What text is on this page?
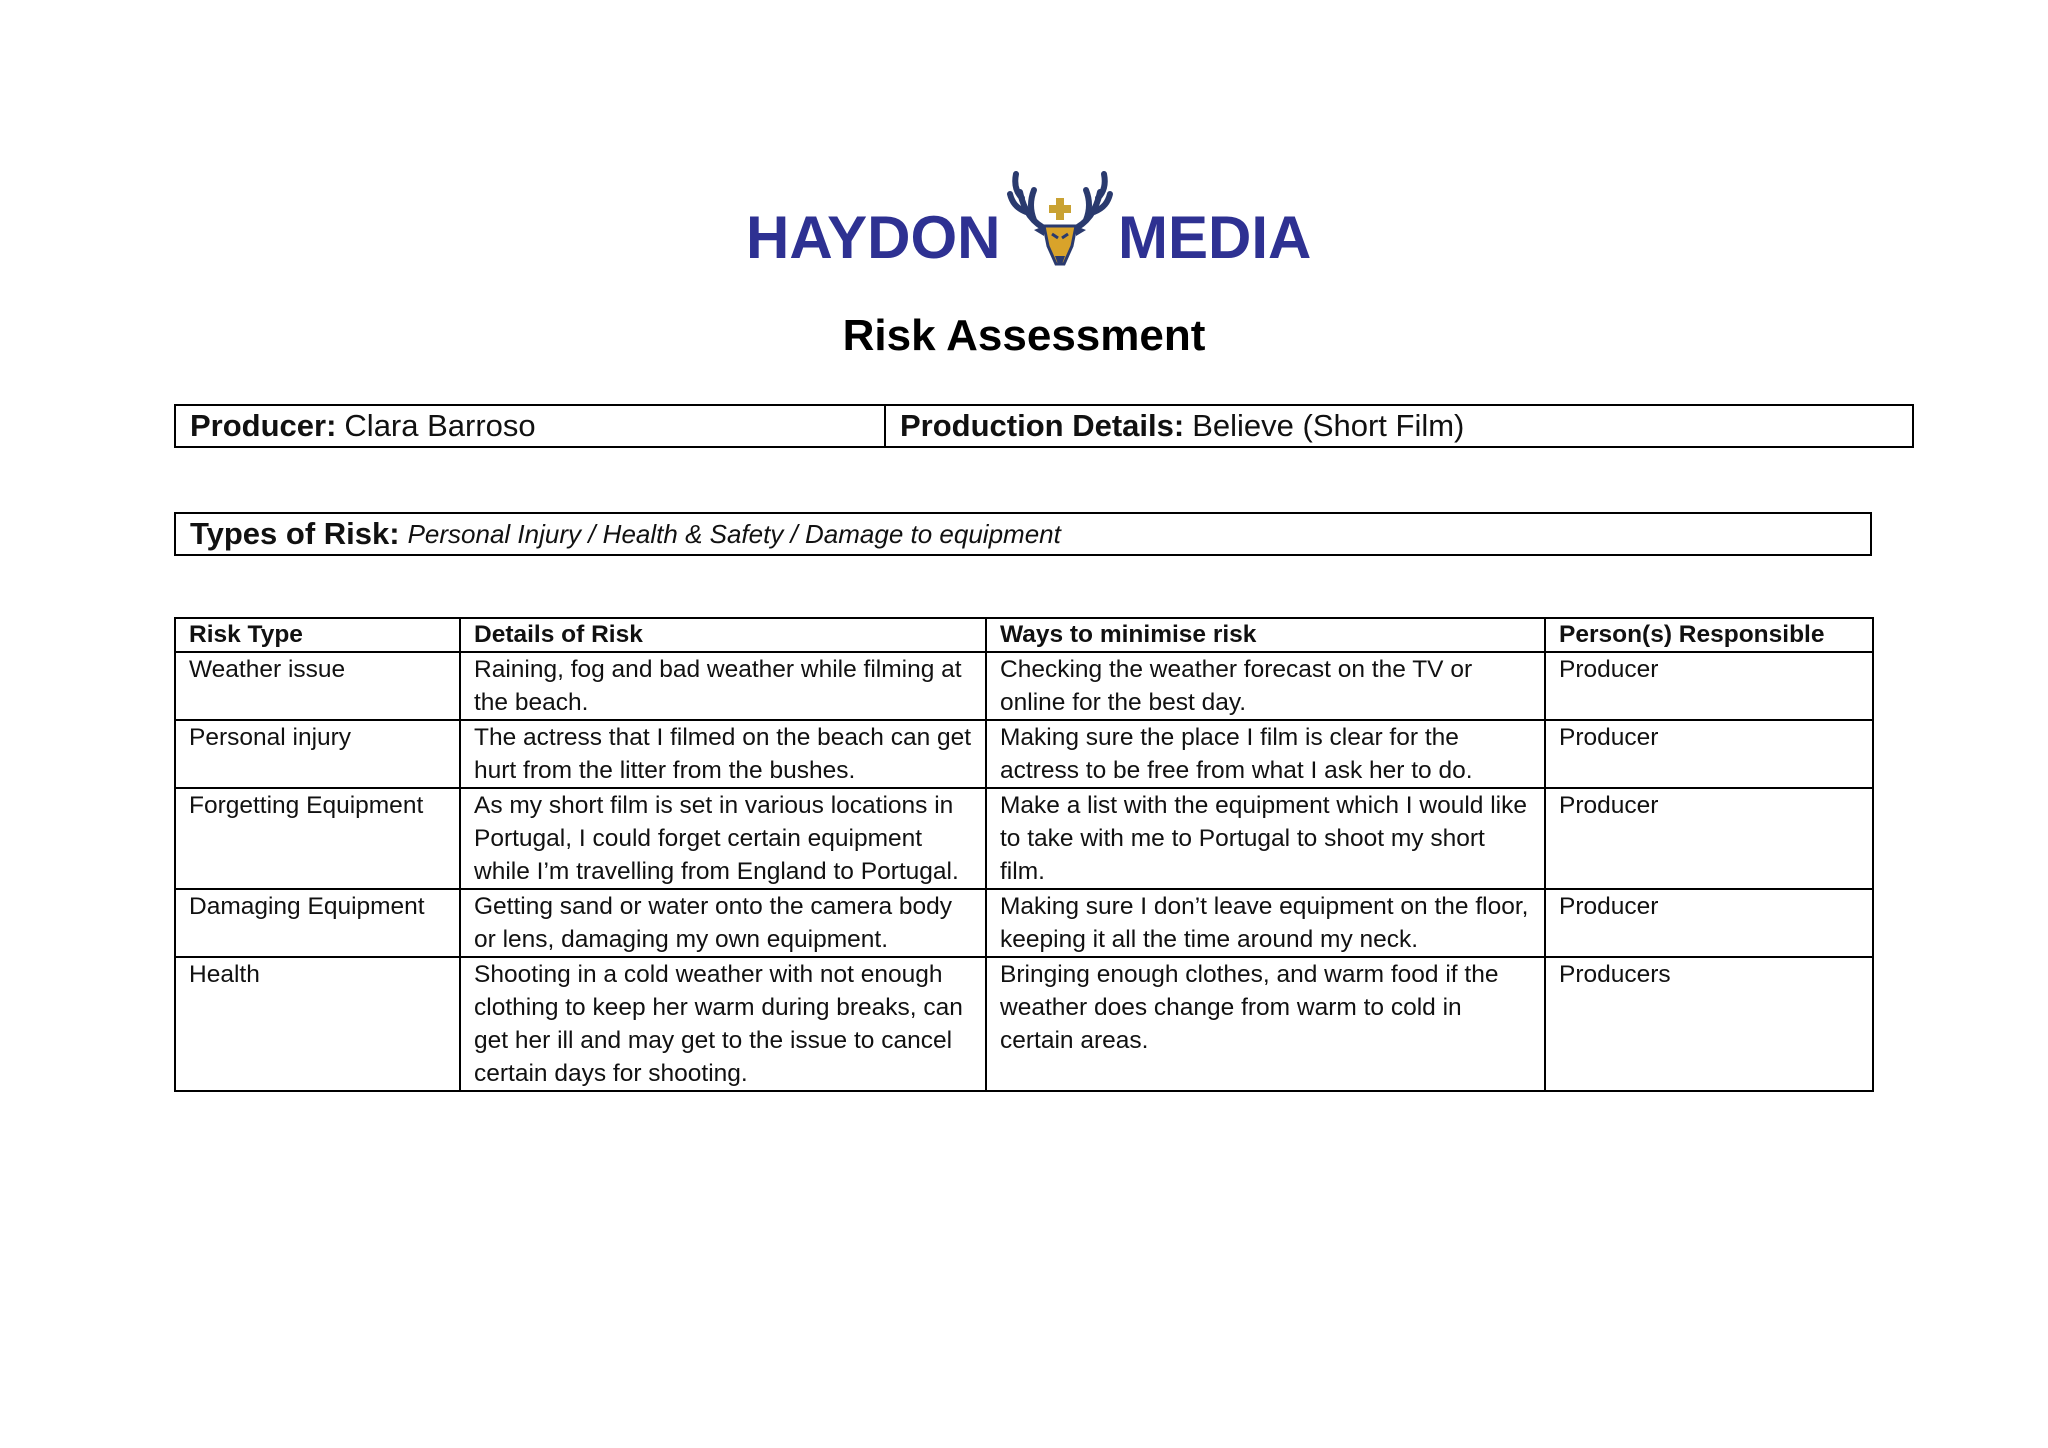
HAYDON MEDIA
Risk Assessment
Producer: Clara Barroso	Production Details: Believe (Short Film)
Types of Risk: Personal Injury / Health & Safety / Damage to equipment
Risk Type	Details of Risk	Ways to minimise risk	Person(s) Responsible
Weather issue	Raining, fog and bad weather while filming at the beach.	Checking the weather forecast on the TV or online for the best day.	Producer
Personal injury	The actress that I filmed on the beach can get hurt from the litter from the bushes.	Making sure the place I film is clear for the actress to be free from what I ask her to do.	Producer
Forgetting Equipment	As my short film is set in various locations in Portugal, I could forget certain equipment while I’m travelling from England to Portugal.	Make a list with the equipment which I would like to take with me to Portugal to shoot my short film.	Producer
Damaging Equipment	Getting sand or water onto the camera body or lens, damaging my own equipment.	Making sure I don’t leave equipment on the floor, keeping it all the time around my neck.	Producer
Health	Shooting in a cold weather with not enough clothing to keep her warm during breaks, can get her ill and may get to the issue to cancel certain days for shooting.	Bringing enough clothes, and warm food if the weather does change from warm to cold in certain areas.	Producers
